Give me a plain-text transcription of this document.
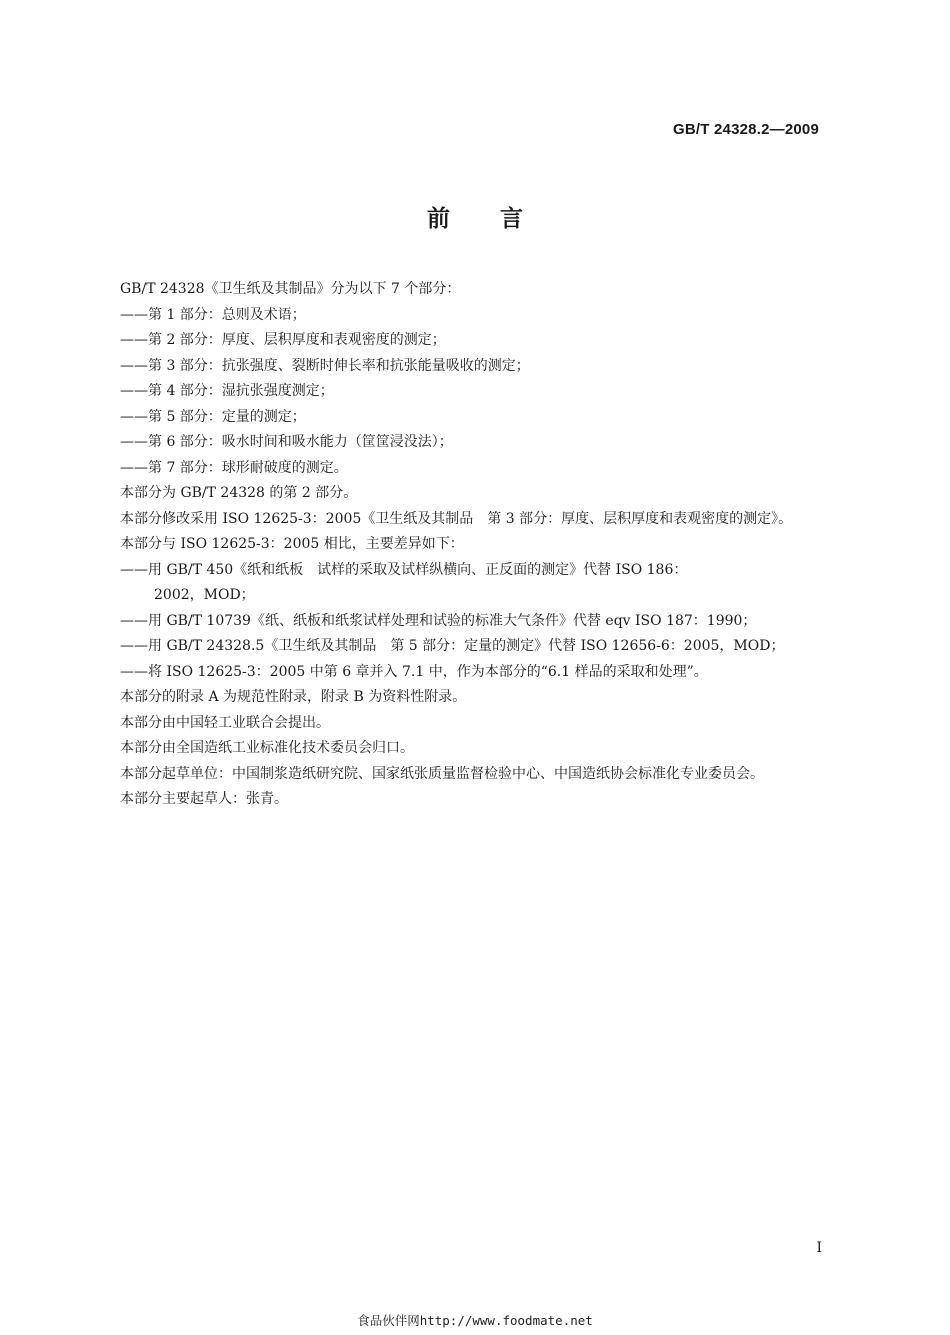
GB/T 24328.2—2009
前言

GB/T 24328《卫生纸及其制品》分为以下 7 个部分：

——第 1 部分：总则及术语；

——第 2 部分：厚度、层积厚度和表观密度的测定；

——第 3 部分：抗张强度、裂断时伸长率和抗张能量吸收的测定；

——第 4 部分：湿抗张强度测定；

——第 5 部分：定量的测定；

——第 6 部分：吸水时间和吸水能力（筐筐浸没法）；

——第 7 部分：球形耐破度的测定。

本部分为 GB/T 24328 的第 2 部分。

本部分修改采用 ISO 12625-3：2005《卫生纸及其制品　第 3 部分：厚度、层积厚度和表观密度的测定》。

本部分与 ISO 12625-3：2005 相比，主要差异如下：

——用 GB/T 450《纸和纸板　试样的采取及试样纵横向、正反面的测定》代替 ISO 186：
2002，MOD；

——用 GB/T 10739《纸、纸板和纸浆试样处理和试验的标准大气条件》代替 eqv ISO 187：1990；

——用 GB/T 24328.5《卫生纸及其制品　第 5 部分：定量的测定》代替 ISO 12656-6：2005，MOD；

——将 ISO 12625-3：2005 中第 6 章并入 7.1 中，作为本部分的“6.1 样品的采取和处理”。

本部分的附录 A 为规范性附录，附录 B 为资料性附录。

本部分由中国轻工业联合会提出。

本部分由全国造纸工业标准化技术委员会归口。

本部分起草单位：中国制浆造纸研究院、国家纸张质量监督检验中心、中国造纸协会标准化专业委员会。

本部分主要起草人：张青。

I
食品伙伴网http://www.foodmate.net
